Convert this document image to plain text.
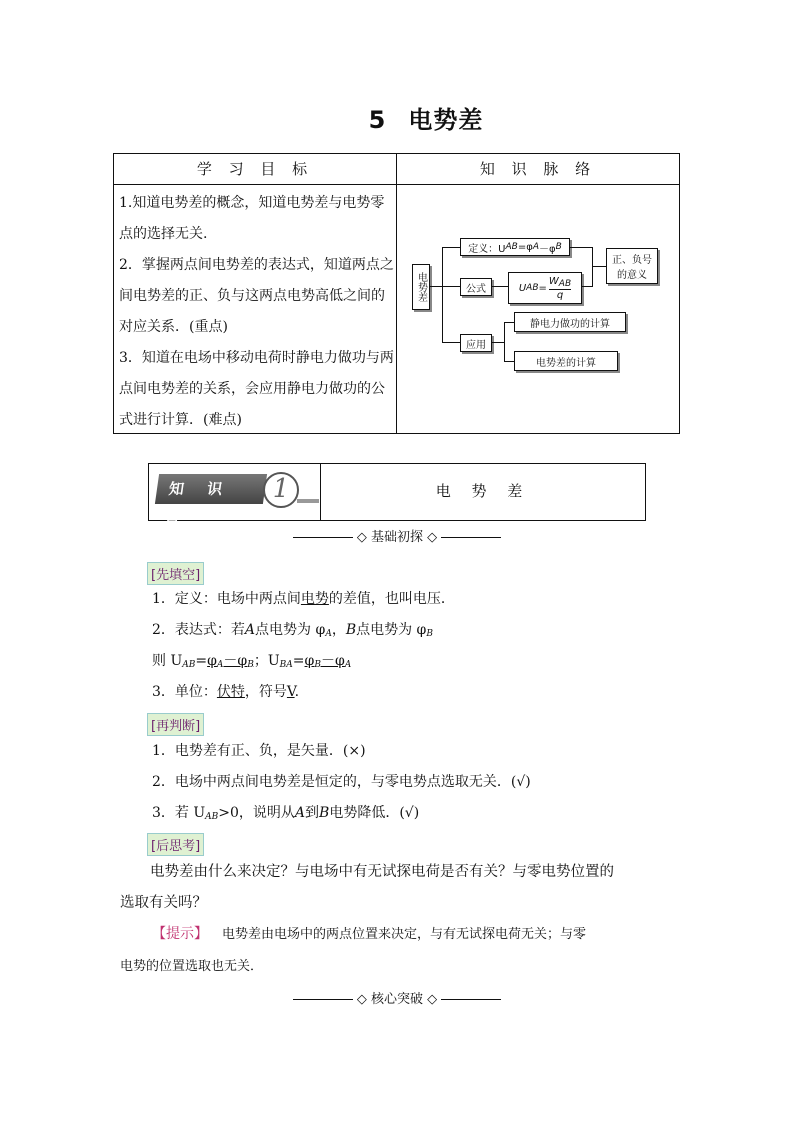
5 电势差
学 习 目 标	知 识 脉 络

1.知道电势差的概念，知道电势差与电势零点的选择无关.

2．掌握两点间电势差的表达式，知道两点之间电势差的正、负与这两点电势高低之间的对应关系．(重点)

3．知道在电场中移动电荷时静电力做功与两点间电势差的关系，会应用静电力做功的公式进行计算．(难点)

电势差
定义：U AB =φ A －φ B
公式	U AB =
WAB
q
正、负号的意义
应用
静电力做功的计算
电势差的计算
知 识 点
1	电 势 差
◇ 基础初探 ◇
[先填空]
1．定义：电场中两点间电势的差值，也叫电压．
2．表达式：若A点电势为 $\varphi_A$，B点电势为 $\varphi_B$
则 $U_{AB}=\varphi_A-\varphi_B$；$U_{BA}=\varphi_B-\varphi_A$
3．单位：伏特，符号V.
[再判断]
1．电势差有正、负，是矢量．(×)
2．电场中两点间电势差是恒定的，与零电势点选取无关．(√)
3．若 $U_{AB}>0$，说明从A到B电势降低．(√)
[后思考]
电势差由什么来决定？与电场中有无试探电荷是否有关？与零电势位置的
选取有关吗？
【提示】 电势差由电场中的两点位置来决定，与有无试探电荷无关；与零
电势的位置选取也无关．
◇ 核心突破 ◇
